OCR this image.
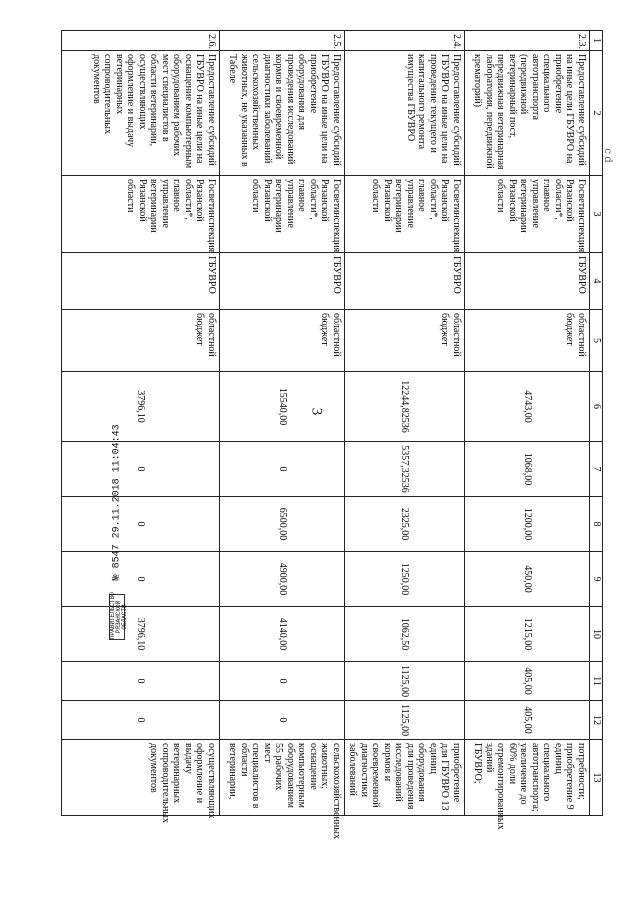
3
1	2	3	4	5	6	7	8	9	10	11	12	13
2.3.	Предоставление субсидий на иные цели ГБУВРО на приобретение специального автотранспорта (передвижной ветеринарный пост, передвижная ветеринарная лаборатория, передвижной крематорий)	Госветинспекция Рязанской области*, главное управление ветеринарии Рязанской области	ГБУВРО	областной бюджет	4743,00	1068,00	1200,00	450,00	1215,00	405,00	405,00	потребности; приобретение 9 единиц специального автотранспорта; увеличение до 60% доли отремонтированных зданий ГБУВРО;
2.4.	Предоставление субсидий ГБУВРО на иные цели на проведение текущего и капитального ремонта имущества ГБУВРО	Госветинспекция Рязанской области*, главное управление ветеринарии Рязанской области	ГБУВРО	областной бюджет	12244,82536	5357,32536	2325,00	1250,00	1062,50	1125,00	1125,00	приобретение для ГБУВРО 13 единиц оборудования для проведения исследований кормов и своевременной диагностики заболеваний
2.5.	Предоставление субсидий ГБУВРО на иные цели на приобретение оборудования для проведения исследований кормов и своевременной диагностики заболеваний сельскохозяйственных животных, не указанных в Табеле	Госветинспекция Рязанской области*, главное управление ветеринарии Рязанской области	ГБУВРО	областной бюджет	15540,00	0	6500,00	4900,00	4140,00	0	0	сельскохозяйственных животных; оснащение компьютерным оборудованием 55 рабочих мест специалистов в области ветеринарии,
2.6.	Предоставление субсидий ГБУВРО на иные цели на оснащение компьютерным оборудованием рабочих мест специалистов в области ветеринарии, осуществляющих оформление и выдачу ветеринарных сопроводительных документов	Госветинспекция Рязанской области*, главное управление ветеринарии Рязанской области	ГБУВРО	областной бюджет	3796,10	0	0	0	3796,10	0	0	осуществляющих оформление и выдачу ветеринарных сопроводительных документов
ПРАВИТЕЛЬСТВО РЯЗАНСКОЙ ОБЛАСТИ № 8547 29.11.2018 11:04:43
ⅽ ⅾ
